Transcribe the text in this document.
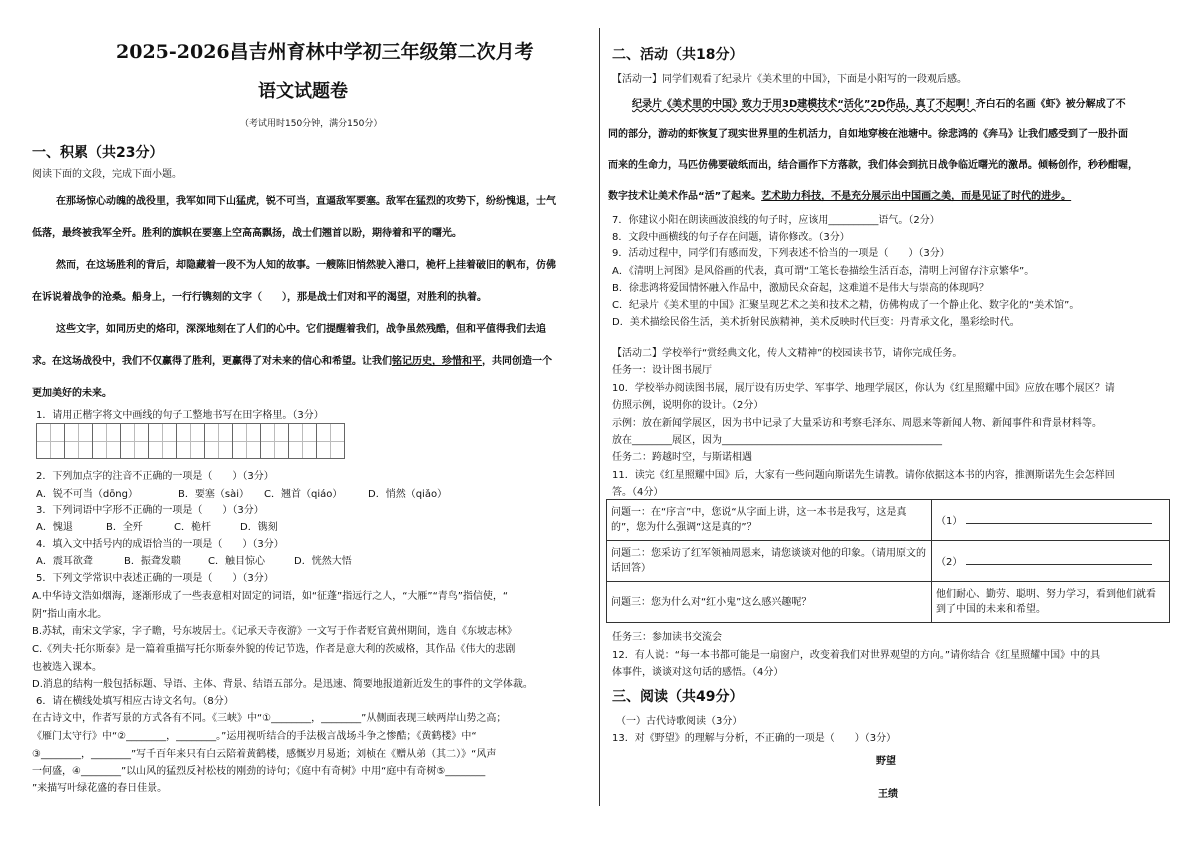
2025-2026昌吉州育林中学初三年级第二次月考
语文试题卷
（考试用时150分钟，满分150分）
一、积累（共23分）
阅读下面的文段，完成下面小题。
在那场惊心动魄的战役里，我军如同下山猛虎，锐不可当，直逼敌军要塞。敌军在猛烈的攻势下，纷纷愧退，士气
低落，最终被我军全歼。胜利的旗帜在要塞上空高高飘扬，战士们翘首以盼，期待着和平的曙光。
然而，在这场胜利的背后，却隐藏着一段不为人知的故事。一艘陈旧悄然驶入港口，桅杆上挂着破旧的帆布，仿佛
在诉说着战争的沧桑。船身上，一行行镌刻的文字（　　），那是战士们对和平的渴望，对胜利的执着。
这些文字，如同历史的烙印，深深地刻在了人们的心中。它们提醒着我们，战争虽然残酷，但和平值得我们去追
求。在这场战役中，我们不仅赢得了胜利，更赢得了对未来的信心和希望。让我们铭记历史，珍惜和平，共同创造一个
更加美好的未来。
1．请用正楷字将文中画线的句子工整地书写在田字格里。（3分）
2．下列加点字的注音不正确的一项是（　　）（3分）
A．锐不可当（dōng）	B．要塞（sài） C．翘首（qiáo）	D．悄然（qiǎo）
3．下列词语中字形不正确的一项是（　　）（3分）
A．愧退	B．全歼	C．桅杆	D．镌刻
4．填入文中括号内的成语恰当的一项是（　　）（3分）
A．震耳欲聋	B．振聋发聩	C．触目惊心	D．恍然大悟
5．下列文学常识中表述正确的一项是（　　）（3分）
A.中华诗文浩如烟海，逐渐形成了一些表意相对固定的词语，如“征蓬”指远行之人，“大雁”“青鸟”指信使，“
阴”指山南水北。
B.苏轼，南宋文学家，字子瞻，号东坡居士。《记承天寺夜游》一文写于作者贬官黄州期间，选自《东坡志林》
C.《列夫·托尔斯泰》是一篇着重描写托尔斯泰外貌的传记节选，作者是意大利的茨威格，其作品《伟大的悲剧
也被选入课本。
D.消息的结构一般包括标题、导语、主体、背景、结语五部分。是迅速、简要地报道新近发生的事件的文学体裁。
6．请在横线处填写相应古诗文名句。（8分）
在古诗文中，作者写景的方式各有不同。《三峡》中“①________，________”从侧面表现三峡两岸山势之高；
《雁门太守行》中“②________，________。”运用视听结合的手法极言战场斗争之惨酷；《黄鹤楼》中“
③________，________”写千百年来只有白云陪着黄鹤楼，感慨岁月易逝；刘桢在《赠从弟（其二）》“风声
一何盛，④________”以山风的猛烈反衬松枝的刚劲的诗句；《庭中有奇树》中用“庭中有奇树⑤________
”来描写叶绿花盛的春日佳景。
二、活动（共18分）
【活动一】同学们观看了纪录片《美术里的中国》，下面是小阳写的一段观后感。
纪录片《美术里的中国》致力于用3D建模技术“活化”2D作品，真了不起啊！齐白石的名画《虾》被分解成了不
同的部分，游动的虾恢复了现实世界里的生机活力，自如地穿梭在池塘中。徐悲鸿的《奔马》让我们感受到了一股扑面
而来的生命力，马匹仿佛要破纸而出，结合画作下方落款，我们体会到抗日战争临近曙光的激昂。倾畅创作，秒秒酣喔，
数字技术让美术作品“活”了起来。艺术助力科技，不是充分展示出中国画之美，而是见证了时代的进步。
7．你建议小阳在朗读画波浪线的句子时，应该用__________语气。（2分）
8．文段中画横线的句子存在问题，请你修改。（3分）
9．活动过程中，同学们有感而发，下列表述不恰当的一项是（　　）（3分）
A．《清明上河图》是风俗画的代表，真可谓“工笔长卷描绘生活百态，清明上河留存汴京繁华”。
B．徐悲鸿将爱国情怀融入作品中，激励民众奋起，这难道不是伟大与崇高的体现吗？
C．纪录片《美术里的中国》汇聚呈现艺术之美和技术之精，仿佛构成了一个静止化、数字化的“美术馆”。
D．美术描绘民俗生活，美术折射民族精神，美术反映时代巨变：丹青承文化，墨彩绘时代。
【活动二】学校举行“赏经典文化，传人文精神”的校园读书节，请你完成任务。
任务一：设计图书展厅
10．学校举办阅读图书展，展厅设有历史学、军事学、地理学展区，你认为《红星照耀中国》应放在哪个展区？请
仿照示例，说明你的设计。（2分）
示例：放在新闻学展区，因为书中记录了大量采访和考察毛泽东、周恩来等新闻人物、新闻事件和背景材料等。
放在________展区，因为____________________________________________
任务二：跨越时空，与斯诺相遇
11．读完《红星照耀中国》后，大家有一些问题向斯诺先生请教。请你依据这本书的内容，推测斯诺先生会怎样回
答。（4分）
问题一：在“序言”中，您说“从字面上讲，这一本书是我写，这是真的”，您为什么强调“这是真的”？	（1）
问题二：您采访了红军领袖周恩来，请您谈谈对他的印象。（请用原文的话回答）	（2）
问题三：您为什么对“红小鬼”这么感兴趣呢？	他们耐心、勤劳、聪明、努力学习，看到他们就看到了中国的未来和希望。
任务三：参加读书交流会
12．有人说：“每一本书都可能是一扇窗户，改变着我们对世界观望的方向。”请你结合《红星照耀中国》中的具
体事件，谈谈对这句话的感悟。（4分）
三、阅读（共49分）
（一）古代诗歌阅读（3分）
13．对《野望》的理解与分析，不正确的一项是（　　）（3分）
野望
王绩
